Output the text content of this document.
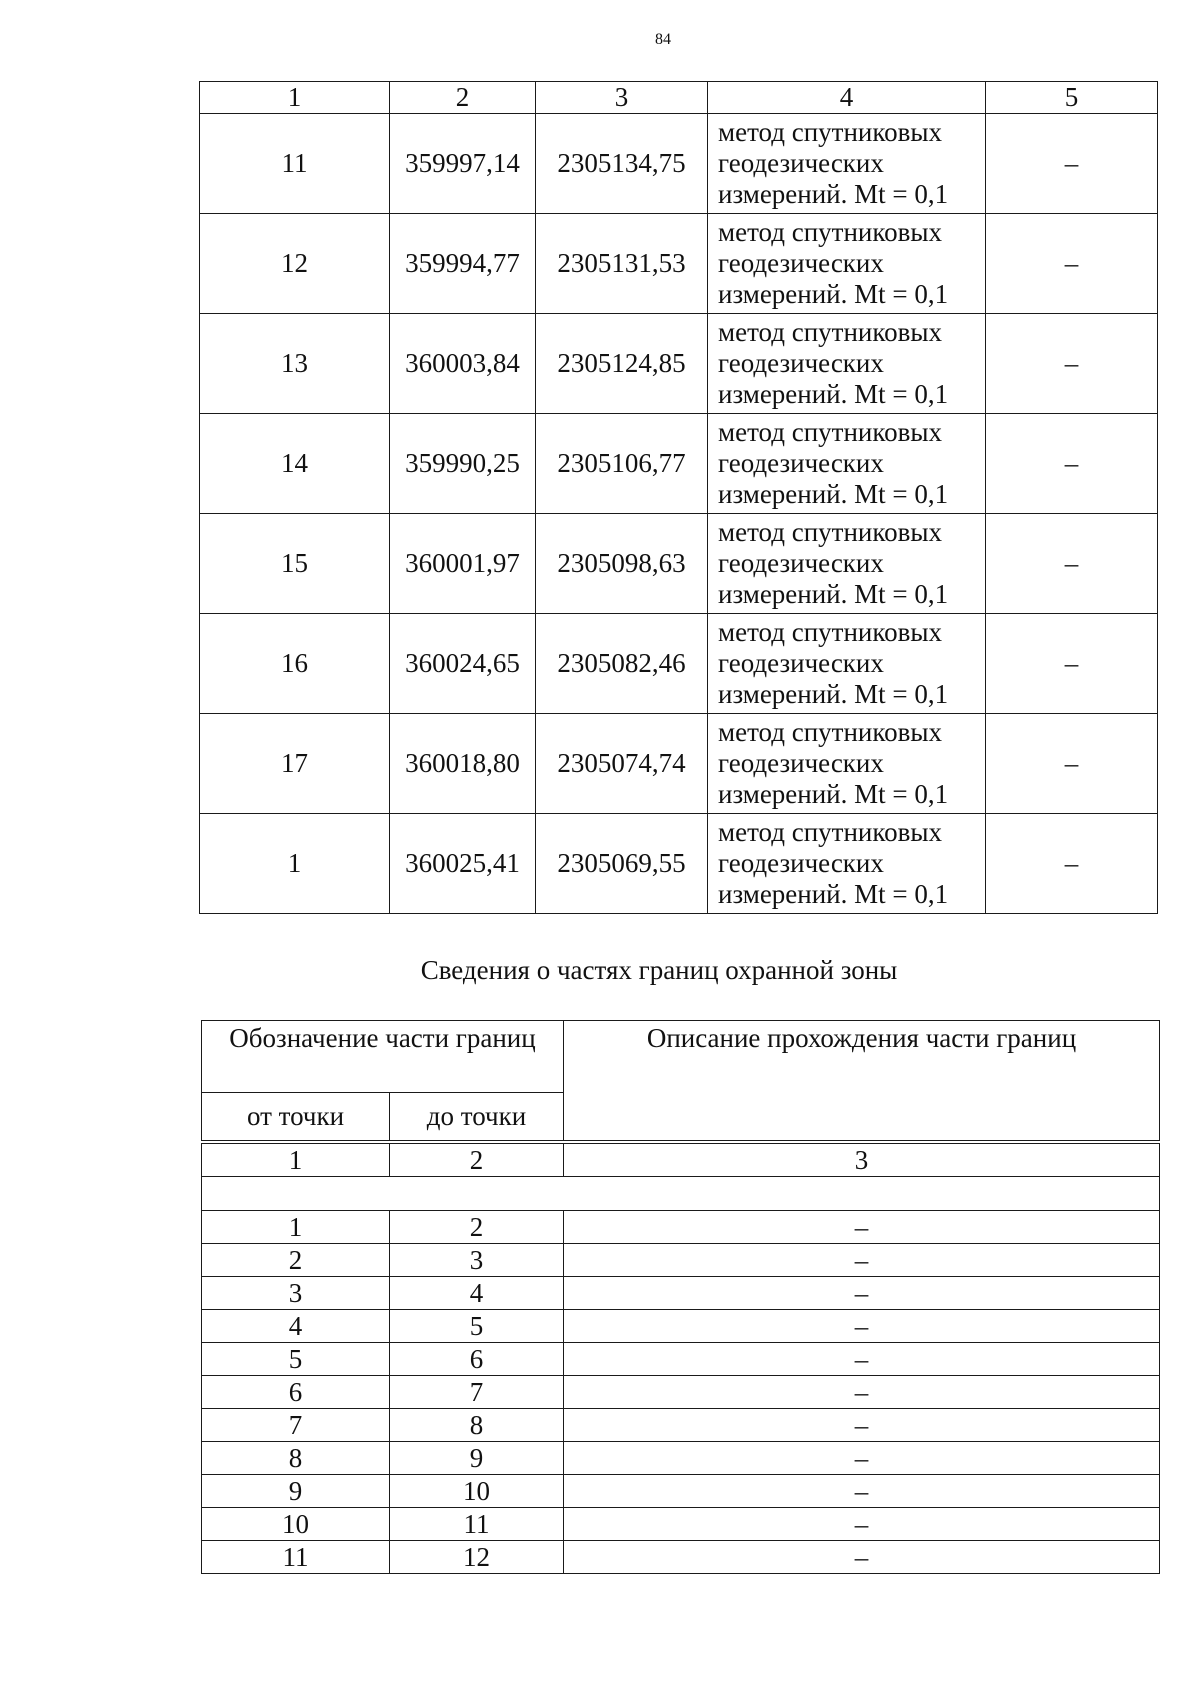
84
1	2	3	4	5
11	359997,14	2305134,75	метод спутниковых
геодезических
измерений. Mt = 0,1	–
12	359994,77	2305131,53	метод спутниковых
геодезических
измерений. Mt = 0,1	–
13	360003,84	2305124,85	метод спутниковых
геодезических
измерений. Mt = 0,1	–
14	359990,25	2305106,77	метод спутниковых
геодезических
измерений. Mt = 0,1	–
15	360001,97	2305098,63	метод спутниковых
геодезических
измерений. Mt = 0,1	–
16	360024,65	2305082,46	метод спутниковых
геодезических
измерений. Mt = 0,1	–
17	360018,80	2305074,74	метод спутниковых
геодезических
измерений. Mt = 0,1	–
1	360025,41	2305069,55	метод спутниковых
геодезических
измерений. Mt = 0,1	–
Сведения о частях границ охранной зоны
Обозначение части границ		Описание прохождения части границ
от точки	до точки	
1	2	3

1	2	–
2	3	–
3	4	–
4	5	–
5	6	–
6	7	–
7	8	–
8	9	–
9	10	–
10	11	–
11	12	–
